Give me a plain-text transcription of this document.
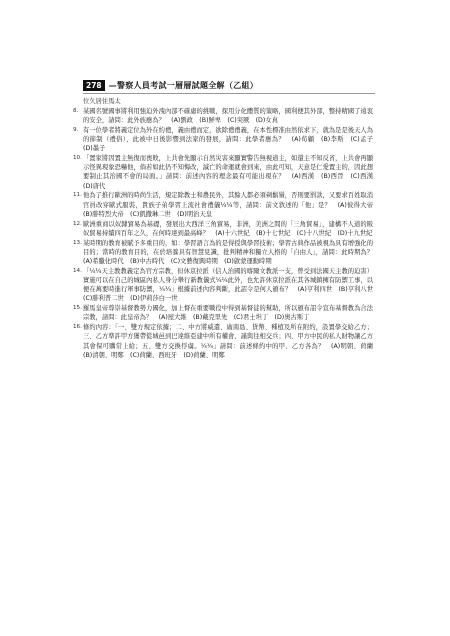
278 —警察人員考試一層層試題全解（乙組）
位久居住馬太
8. 某國名號國事將利用強迫外洩內部不確慮的挑戰，探用分化體質的策略，國利便其外部，整持精國了遠衷的安全，請問：此外族應為？　(A)劉政　(B)鮮卑　(C)突厥　(D)女真
9. 有一位學者將義定位為外在約禮，義由禮而定，欲除禮禮義，在本性標准由然依求下，就為是是後天人為的節制（禮俗），此被中日後影響到法家的發展，請問：此學者應為？　(A)荀顧　(B)李斯　(C)孟子　(D)墨子
10. 「置家將因置主無復而喪敗，上共會先顯示自然災害來顯實警告無視道主，如還主不知反省，上共會再顯示怪異現象恐嚇他，倘若如此仍不知悔改，滅亡的命運就會到來，由此可知，天意是仁愛置主的，因此想要制止其治國不會的局面。」請問：前述內容的理念最有可能出現在？　(A)西漢　(B)西晉　(C)西漢　(D)唐代
11. 他為了推行歐洲的時尚生活，規定除教士和農民外，其餘人都必須剃鬍鬚，否則要罰款，又要求百姓取消官員改穿歐式服裝，貴族子弟學習上流社會禮儀¼¼等，請問：前文敘述的「他」是？　(A)彼得大帝　(B)腓特烈大帝　(C)凱撒琳二世　(D)明治天皇
12. 歐洲重商以奴隸貿易為基礎，發展出大西洋三角貿易，非洲，美洲之間的「三角貿易」，建構不人道的販奴貿易持續四百年之久，在何時達到最高峰？　(A)十六世紀　(B)十七世紀　(C)十八世紀　(D)十九世紀
13. 某時期的教育被賦予多重目的，如：學習語言為的是得授與學習技術；學習古典作品被視為具有增強化的目的；當時的教育目的，在於培養具有智慧見識，批判精神和獨立人格的「自由人」，請問：此時期為？　(A)希臘化時代　(B)中古時代　(C)文藝復興時期　(D)啟蒙運動時期
14. 「¼¼天主教教義定為官方宗教，但休京拉派（信人治國的喀爾文教派一支，曾受到法國天主教的迫害）實施可以在自己的城區內私人身分舉行新教儀式¼¼此外，也允許休京拉派在其各城鎮擁有防禦工事，以便在萬要時進行軍事防禦，¼¼」根據前述內容判斷，此詔令是何人頒布？　(A)亨利四世　(B)亨利八世　(C)腓利普二世　(D)伊莉莎白一世
15. 羅馬皇帝尊崇基督教勢力國化，加上督在重要戰役中得到基督徒的幫助，所以頒布詔令宣布基督教為合法宗教，請問：此皇帝為？　(A)屋大維　(B)戴克里先　(C)君士坦丁　(D)奧古斯丁
16. 條約內容：「一、雙方規定依據；二、中方將威遣、廣南島、貨幣、種植及所在附約，設置學交給乙方；三、乙方準許甲方獲帶從城邑到巴達維亞建中所有權會、謹與往相交兵；四、甲方中民的私人財物讓乙方其會保可購常上給；五、雙方交換俘虜。¼¼」請問：前述條約中的甲、乙方各為？　(A)明朝、荷蘭　(B)清朝、明鄭　(C)荷蘭、西班牙　(D)荷蘭、明鄭
